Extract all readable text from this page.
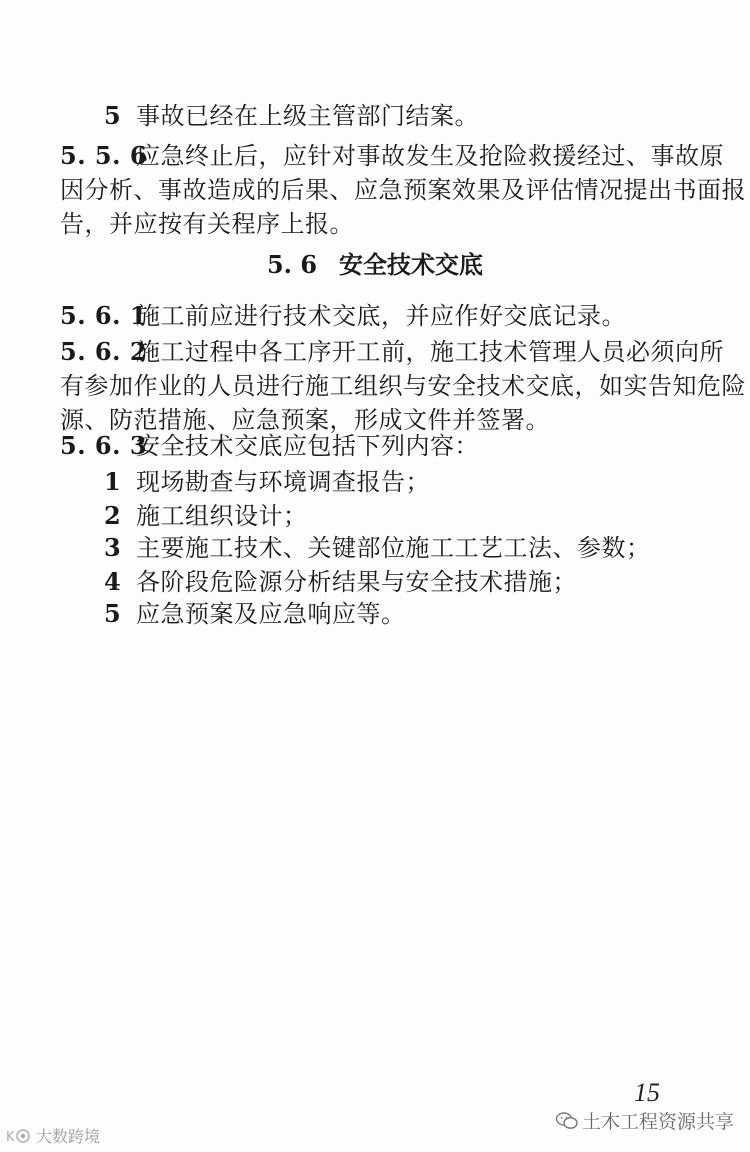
5 事故已经在上级主管部门结案。
5. 5. 6应急终止后，应针对事故发生及抢险救援经过、事故原
因分析、事故造成的后果、应急预案效果及评估情况提出书面报
告，并应按有关程序上报。
5. 6 安全技术交底
5. 6. 1施工前应进行技术交底，并应作好交底记录。
5. 6. 2施工过程中各工序开工前，施工技术管理人员必须向所
有参加作业的人员进行施工组织与安全技术交底，如实告知危险
源、防范措施、应急预案，形成文件并签署。
5. 6. 3安全技术交底应包括下列内容：
1 现场勘查与环境调查报告；
2 施工组织设计；
3 主要施工技术、关键部位施工工艺工法、参数；
4 各阶段危险源分析结果与安全技术措施；
5 应急预案及应急响应等。
15
土木工程资源共享
K 大数跨境
